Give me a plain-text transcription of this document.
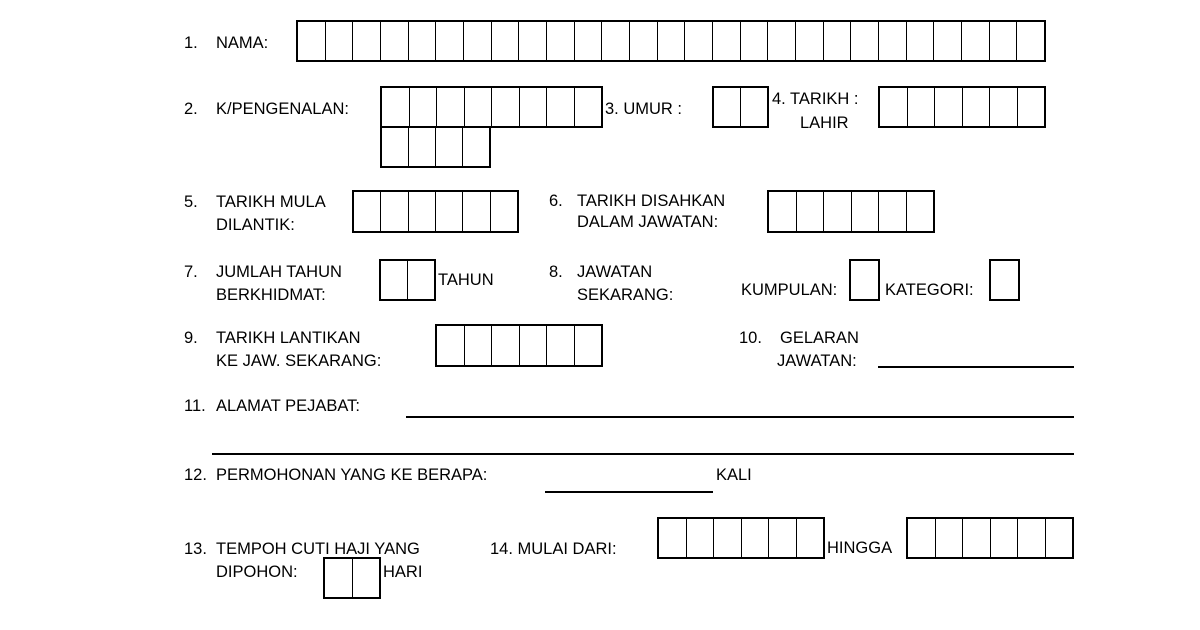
1. NAMA:
2. K/PENGENALAN:	3. UMUR :
4. TARIKH :
LAHIR
5. TARIKH MULA
DILANTIK:
6. TARIKH DISAHKAN
DALAM JAWATAN:
7. JUMLAH TAHUN
BERKHIDMAT:
TAHUN	8. JAWATAN
SEKARANG:	KUMPULAN:	KATEGORI:
9. TARIKH LANTIKAN
KE JAW. SEKARANG:
10. GELARAN
JAWATAN:
11. ALAMAT PEJABAT:
12. PERMOHONAN YANG KE BERAPA:	KALI
13. TEMPOH CUTI HAJI YANG
DIPOHON:	HARI
14. MULAI DARI:	HINGGA
